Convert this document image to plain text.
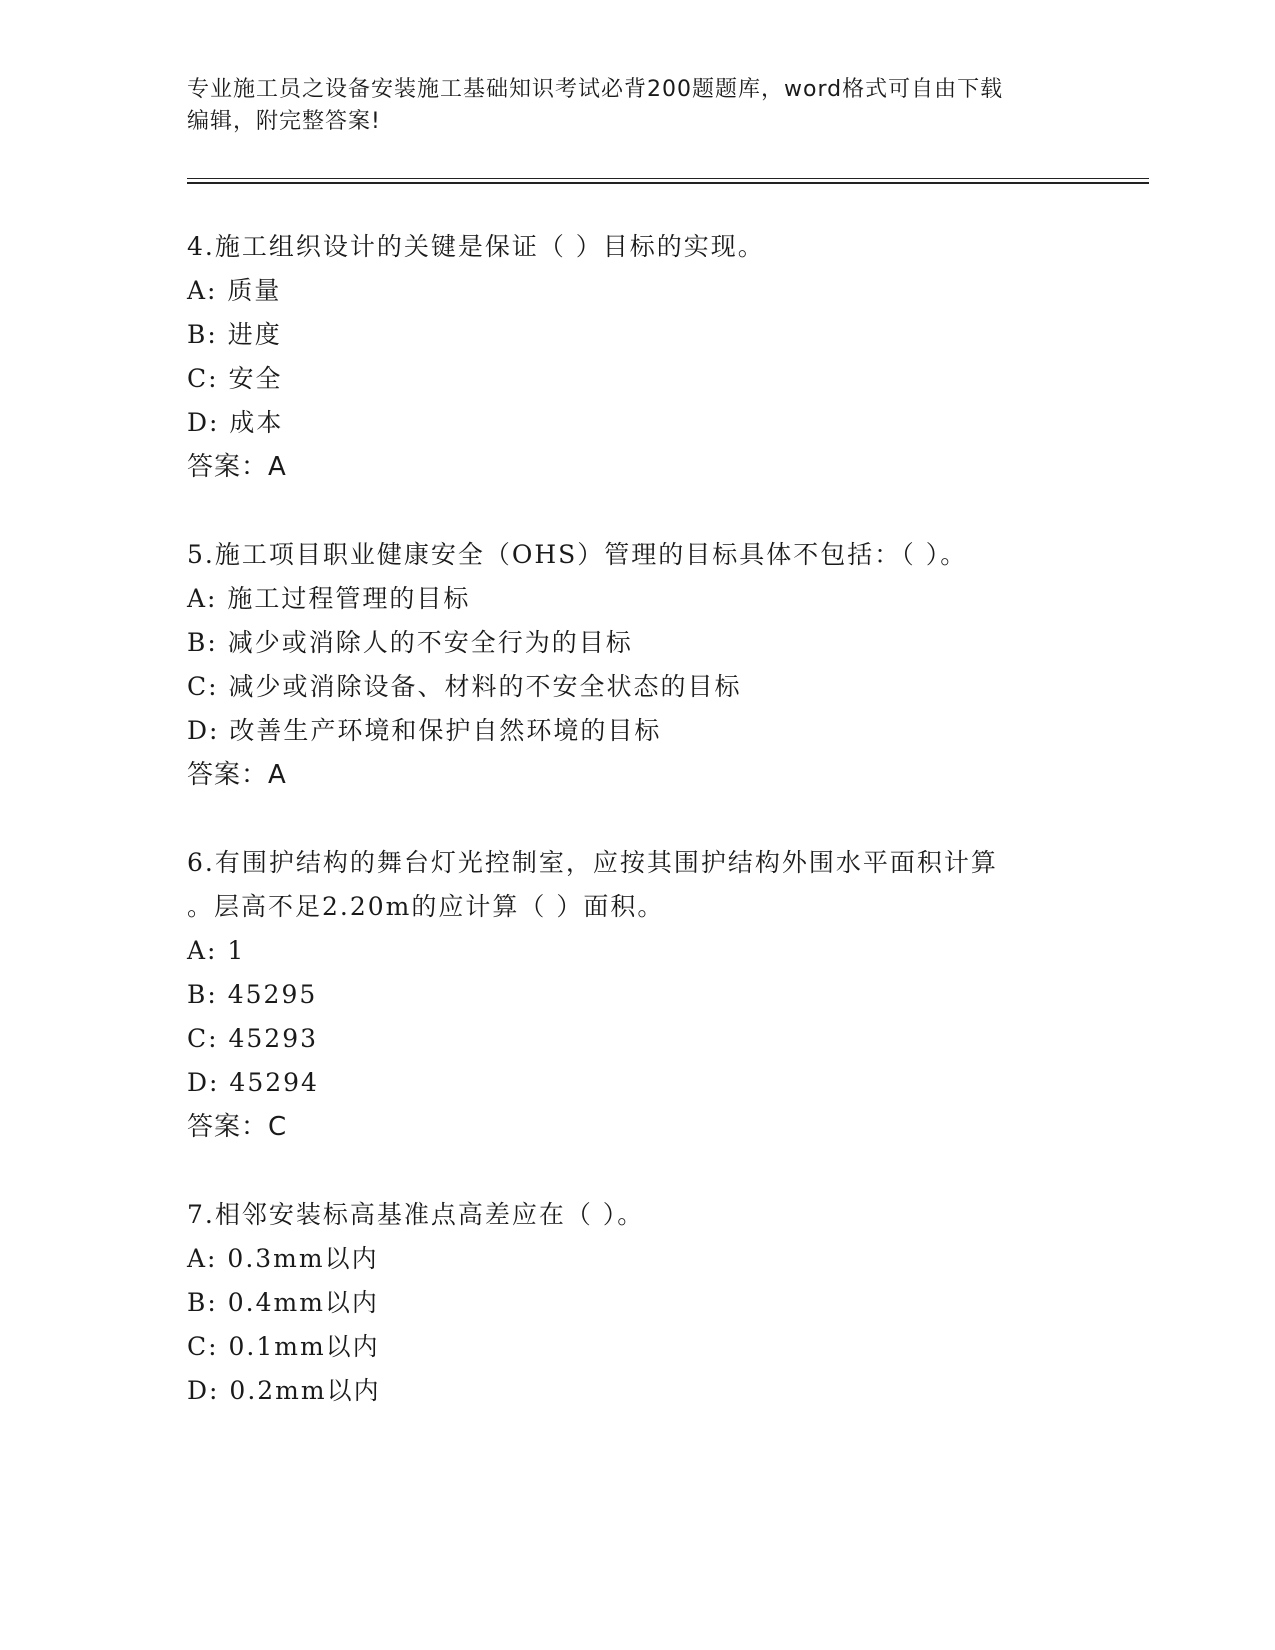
专业施工员之设备安装施工基础知识考试必背200题题库，word格式可自由下载
编辑，附完整答案!
4.施工组织设计的关键是保证（ ）目标的实现。
A: 质量
B: 进度
C: 安全
D: 成本
答案：A
5.施工项目职业健康安全（OHS）管理的目标具体不包括：（ ）。
A: 施工过程管理的目标
B: 减少或消除人的不安全行为的目标
C: 减少或消除设备、材料的不安全状态的目标
D: 改善生产环境和保护自然环境的目标
答案：A
6.有围护结构的舞台灯光控制室，应按其围护结构外围水平面积计算
。层高不足2.20m的应计算（ ）面积。
A: 1
B: 45295
C: 45293
D: 45294
答案：C
7.相邻安装标高基准点高差应在（ ）。
A: 0.3mm以内
B: 0.4mm以内
C: 0.1mm以内
D: 0.2mm以内
